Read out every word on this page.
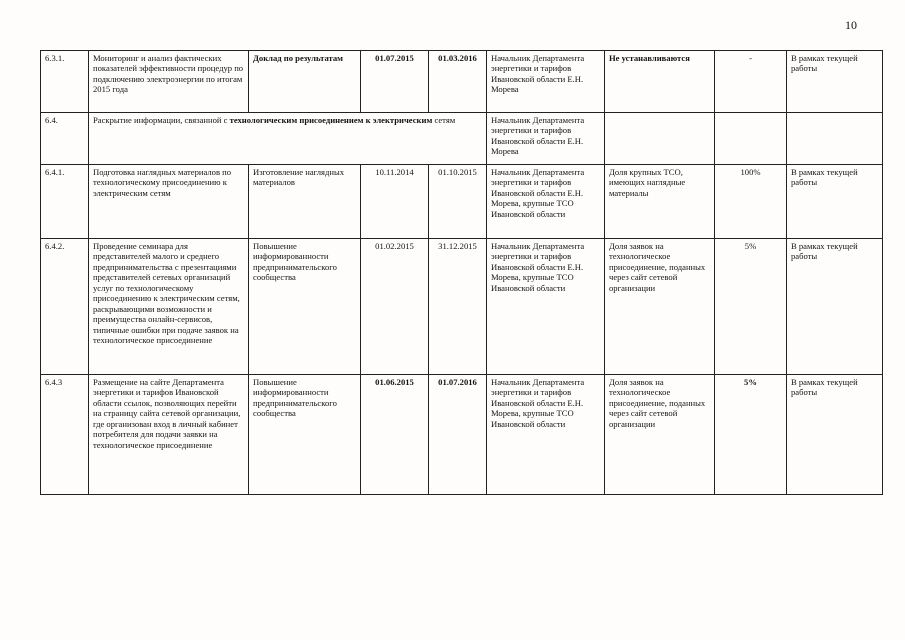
10
6.3.1.	Мониторинг и анализ фактических показателей эффективности процедур по подключению электроэнергии по итогам 2015 года	Доклад по результатам	01.07.2015	01.03.2016	Начальник Департамента энергетики и тарифов Ивановской области Е.Н. Морева	Не устанавливаются	-	В рамках текущей работы
6.4.	Раскрытие информации, связанной с технологическим присоединением к электрическим сетям				Начальник Департамента энергетики и тарифов Ивановской области Е.Н. Морева			
6.4.1.	Подготовка наглядных материалов по технологическому присоединению к электрическим сетям	Изготовление наглядных материалов	10.11.2014	01.10.2015	Начальник Департамента энергетики и тарифов Ивановской области Е.Н. Морева, крупные ТСО Ивановской области	Доля крупных ТСО, имеющих наглядные материалы	100%	В рамках текущей работы
6.4.2.	Проведение семинара для представителей малого и среднего предпринимательства с презентациями представителей сетевых организаций услуг по технологическому присоединению к электрическим сетям, раскрывающими возможности и преимущества онлайн-сервисов, типичные ошибки при подаче заявок на технологическое присоединение	Повышение информированности предпринимательского сообщества	01.02.2015	31.12.2015	Начальник Департамента энергетики и тарифов Ивановской области Е.Н. Морева, крупные ТСО Ивановской области	Доля заявок на технологическое присоединение, поданных через сайт сетевой организации	5%	В рамках текущей работы
6.4.3	Размещение на сайте Департамента энергетики и тарифов Ивановской области ссылок, позволяющих перейти на страницу сайта сетевой организации, где организован вход в личный кабинет потребителя для подачи заявки на технологическое присоединение	Повышение информированности предпринимательского сообщества	01.06.2015	01.07.2016	Начальник Департамента энергетики и тарифов Ивановской области Е.Н. Морева, крупные ТСО Ивановской области	Доля заявок на технологическое присоединение, поданных через сайт сетевой организации	5%	В рамках текущей работы
